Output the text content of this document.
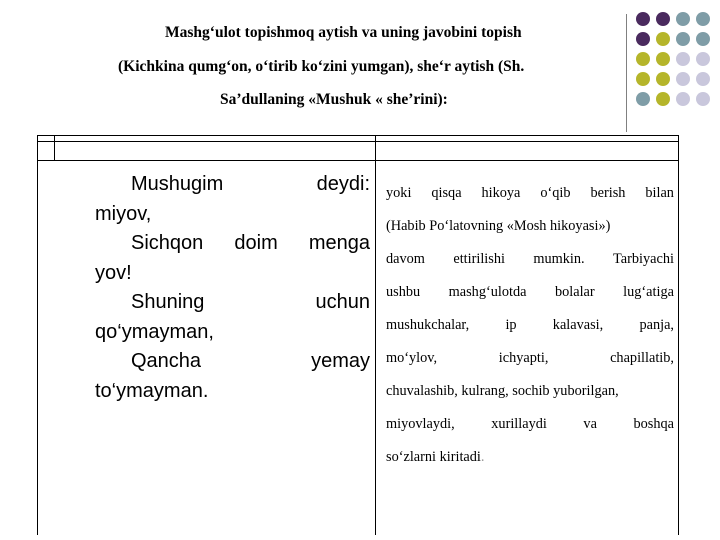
Mashg‘ulot topishmoq aytish va uning javobini topish
(Kichkina qumg‘on, o‘tirib ko‘zini yumgan), she‘r aytish (Sh.
Sa’dullaning «Mushuk « she’rini):
Mushugim	deydi:
miyov,
Sichqon doim menga
yov!
Shuning	uchun
qo‘ymayman,
Qancha	yemay
to‘ymayman.
yoki qisqa hikoya o‘qib berish bilan
(Habib Po‘latovning «Mosh hikoyasi»)
davom ettirilishi mumkin. Tarbiyachi
ushbu mashg‘ulotda bolalar lug‘atiga
mushukchalar,	ip	kalavasi,	panja,
mo‘ylov,	ichyapti,	chapillatib,
chuvalashib, kulrang, sochib yuborilgan,
miyovlaydi,	xurillaydi	va	boshqa
so‘zlarni kiritadi .
